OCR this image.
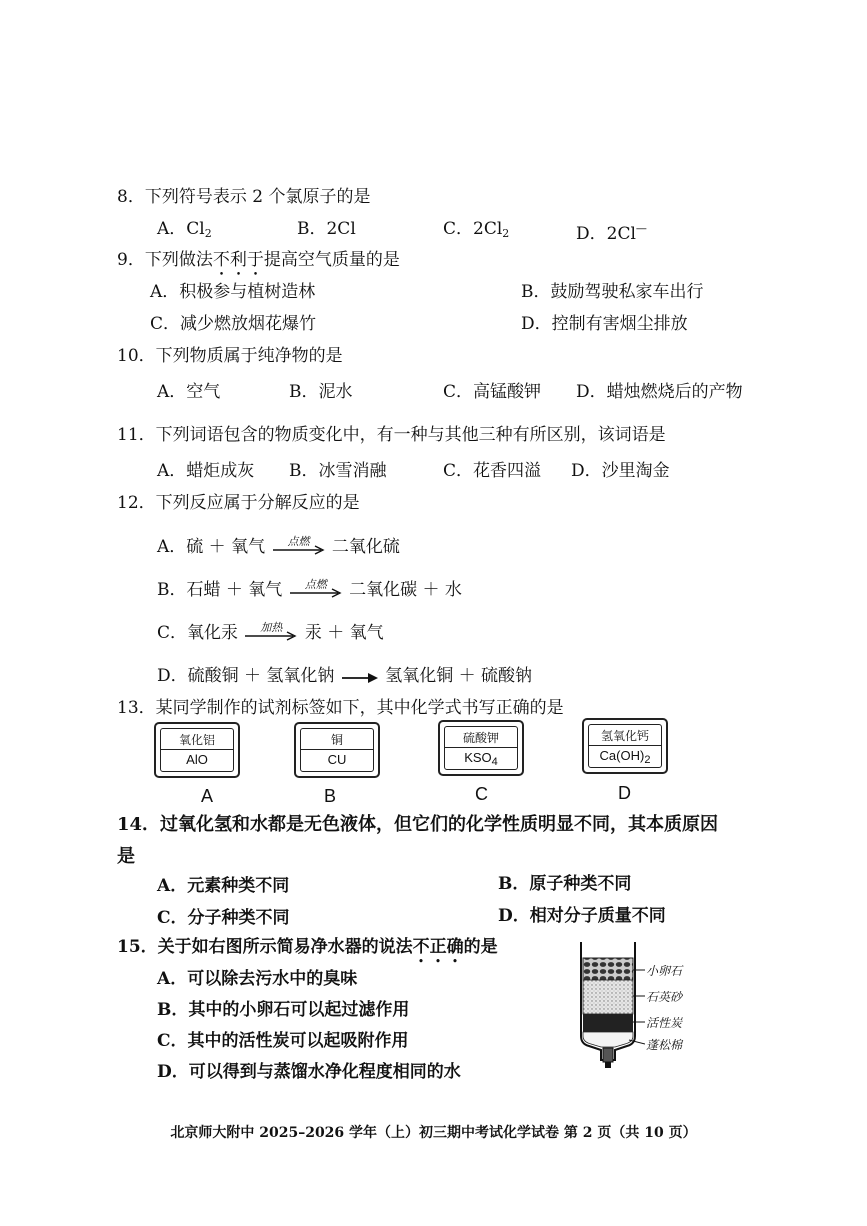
8．下列符号表示 2 个氯原子的是
A．$Cl_2$	B．2Cl	C．$2Cl_2$	D．2Cl—
9．下列做法不利于提高空气质量的是
A．积极参与植树造林	B．鼓励驾驶私家车出行
C．减少燃放烟花爆竹	D．控制有害烟尘排放
10．下列物质属于纯净物的是
A．空气	B．泥水	C．高锰酸钾 D．蜡烛燃烧后的产物
11．下列词语包含的物质变化中，有一种与其他三种有所区别，该词语是
A．蜡炬成灰 B．冰雪消融	C．花香四溢 D．沙里淘金
12．下列反应属于分解反应的是
A．硫 ＋ 氧气	点燃	二氧化硫
B．石蜡 ＋ 氧气	点燃	二氧化碳 ＋ 水
C．氧化汞	加热	汞 ＋ 氧气
D．硫酸铜 ＋ 氢氧化钠 → 氢氧化铜 ＋ 硫酸钠
13．某同学制作的试剂标签如下，其中化学式书写正确的是
氧化铝
AlO
铜
CU
硫酸钾
$KSO_4$
氢氧化钙
$Ca(OH)_2$
A	B	C	D
14．过氧化氢和水都是无色液体，但它们的化学性质明显不同，其本质原因
是
A．元素种类不同	B．原子种类不同
C．分子种类不同	D．相对分子质量不同
15．关于如右图所示简易净水器的说法不正确的是
A．可以除去污水中的臭味
B．其中的小卵石可以起过滤作用
C．其中的活性炭可以起吸附作用
D．可以得到与蒸馏水净化程度相同的水
小卵石
石英砂
活性炭
蓬松棉
北京师大附中 2025–2026 学年（上）初三期中考试化学试卷 第 2 页（共 10 页）
